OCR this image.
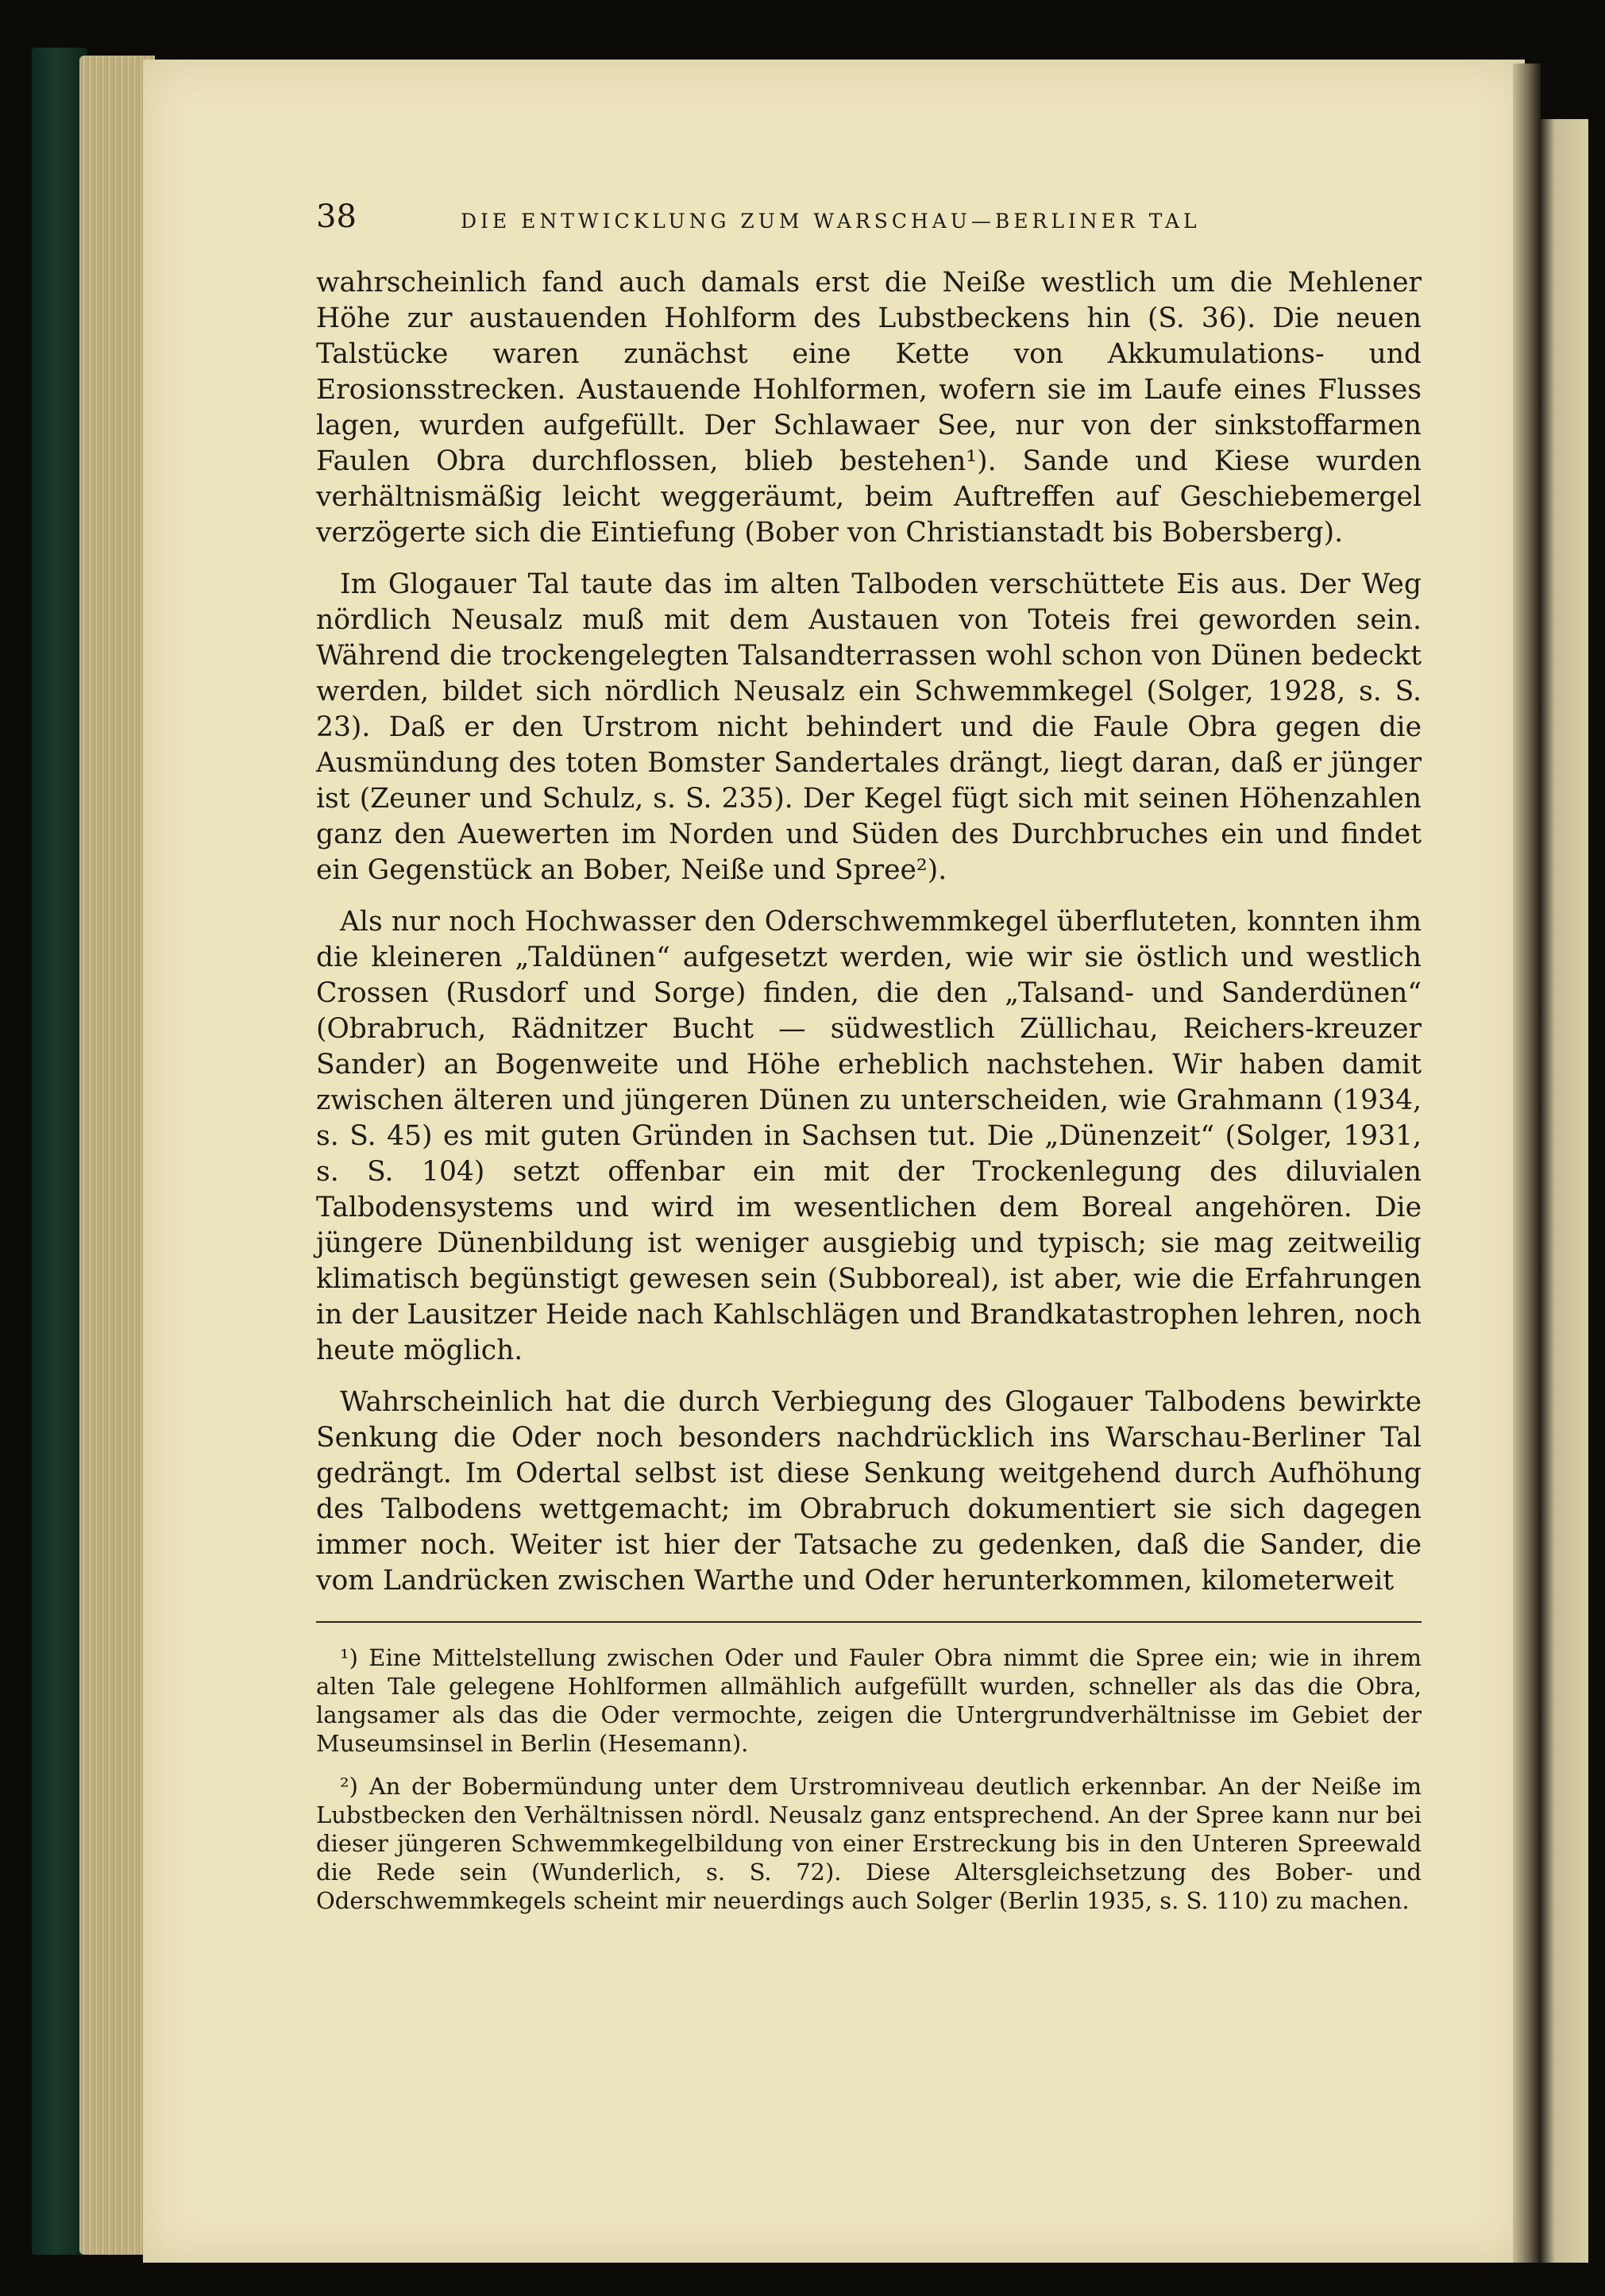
38	DIE ENTWICKLUNG ZUM WARSCHAU—BERLINER TAL

wahrscheinlich fand auch damals erst die Neiße westlich um die Mehlener Höhe zur austauenden Hohlform des Lubstbeckens hin (S. 36). Die neuen Talstücke waren zunächst eine Kette von Akkumulations- und Erosionsstrecken. Austauende Hohlformen, wofern sie im Laufe eines Flusses lagen, wurden aufgefüllt. Der Schlawaer See, nur von der sinkstoffarmen Faulen Obra durchflossen, blieb bestehen¹). Sande und Kiese wurden verhältnismäßig leicht weggeräumt, beim Auftreffen auf Geschiebemergel verzögerte sich die Eintiefung (Bober von Christianstadt bis Bobersberg).

Im Glogauer Tal taute das im alten Talboden verschüttete Eis aus. Der Weg nördlich Neusalz muß mit dem Austauen von Toteis frei geworden sein. Während die trockengelegten Talsandterrassen wohl schon von Dünen bedeckt werden, bildet sich nördlich Neusalz ein Schwemmkegel (Solger, 1928, s. S. 23). Daß er den Urstrom nicht behindert und die Faule Obra gegen die Ausmündung des toten Bomster Sandertales drängt, liegt daran, daß er jünger ist (Zeuner und Schulz, s. S. 235). Der Kegel fügt sich mit seinen Höhenzahlen ganz den Auewerten im Norden und Süden des Durchbruches ein und findet ein Gegenstück an Bober, Neiße und Spree²).

Als nur noch Hochwasser den Oderschwemmkegel überfluteten, konnten ihm die kleineren „Taldünen“ aufgesetzt werden, wie wir sie östlich und westlich Crossen (Rusdorf und Sorge) finden, die den „Talsand- und Sanderdünen“ (Obrabruch, Rädnitzer Bucht — südwestlich Züllichau, Reichers-kreuzer Sander) an Bogenweite und Höhe erheblich nachstehen. Wir haben damit zwischen älteren und jüngeren Dünen zu unterscheiden, wie Grahmann (1934, s. S. 45) es mit guten Gründen in Sachsen tut. Die „Dünenzeit“ (Solger, 1931, s. S. 104) setzt offenbar ein mit der Trockenlegung des diluvialen Talbodensystems und wird im wesentlichen dem Boreal angehören. Die jüngere Dünenbildung ist weniger ausgiebig und typisch; sie mag zeitweilig klimatisch begünstigt gewesen sein (Subboreal), ist aber, wie die Erfahrungen in der Lausitzer Heide nach Kahlschlägen und Brandkatastrophen lehren, noch heute möglich.

Wahrscheinlich hat die durch Verbiegung des Glogauer Talbodens bewirkte Senkung die Oder noch besonders nachdrücklich ins Warschau-Berliner Tal gedrängt. Im Odertal selbst ist diese Senkung weitgehend durch Aufhöhung des Talbodens wettgemacht; im Obrabruch dokumentiert sie sich dagegen immer noch. Weiter ist hier der Tatsache zu gedenken, daß die Sander, die vom Landrücken zwischen Warthe und Oder herunterkommen, kilometerweit

¹) Eine Mittelstellung zwischen Oder und Fauler Obra nimmt die Spree ein; wie in ihrem alten Tale gelegene Hohlformen allmählich aufgefüllt wurden, schneller als das die Obra, langsamer als das die Oder vermochte, zeigen die Untergrundverhältnisse im Gebiet der Museumsinsel in Berlin (Hesemann).

²) An der Bobermündung unter dem Urstromniveau deutlich erkennbar. An der Neiße im Lubstbecken den Verhältnissen nördl. Neusalz ganz entsprechend. An der Spree kann nur bei dieser jüngeren Schwemmkegelbildung von einer Erstreckung bis in den Unteren Spreewald die Rede sein (Wunderlich, s. S. 72). Diese Altersgleichsetzung des Bober- und Oderschwemmkegels scheint mir neuerdings auch Solger (Berlin 1935, s. S. 110) zu machen.
